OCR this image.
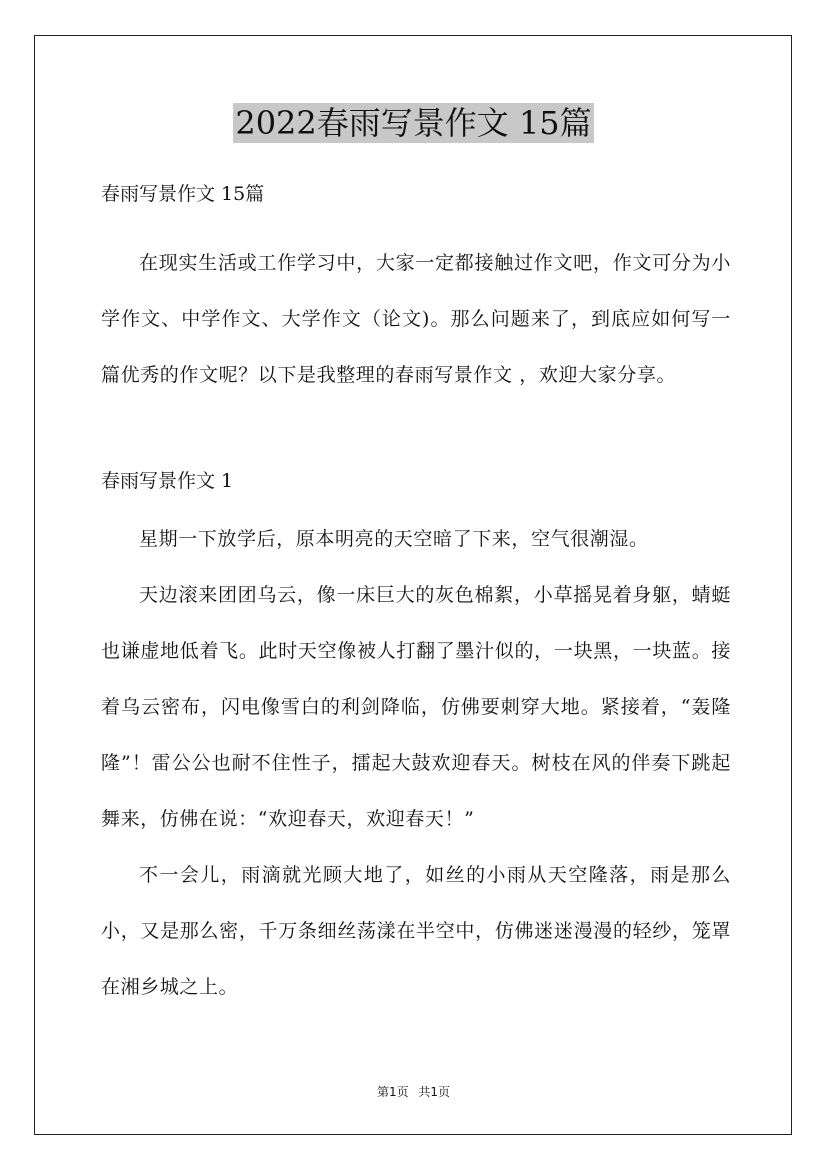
2022春雨写景作文 15篇

春雨写景作文 15篇

在现实生活或工作学习中，大家一定都接触过作文吧，作文可分为小学作文、中学作文、大学作文（论文)。那么问题来了，到底应如何写一篇优秀的作文呢？以下是我整理的春雨写景作文 ，欢迎大家分享。

春雨写景作文 1

星期一下放学后，原本明亮的天空暗了下来，空气很潮湿。

天边滚来团团乌云，像一床巨大的灰色棉絮，小草摇晃着身躯，蜻蜓也谦虚地低着飞。此时天空像被人打翻了墨汁似的，一块黑，一块蓝。接着乌云密布，闪电像雪白的利剑降临，仿佛要刺穿大地。紧接着，“轰隆隆”！雷公公也耐不住性子，擂起大鼓欢迎春天。树枝在风的伴奏下跳起舞来，仿佛在说：“欢迎春天，欢迎春天！”

不一会儿，雨滴就光顾大地了，如丝的小雨从天空隆落，雨是那么小，又是那么密，千万条细丝荡漾在半空中，仿佛迷迷漫漫的轻纱，笼罩在湘乡城之上。

第1页 共1页
